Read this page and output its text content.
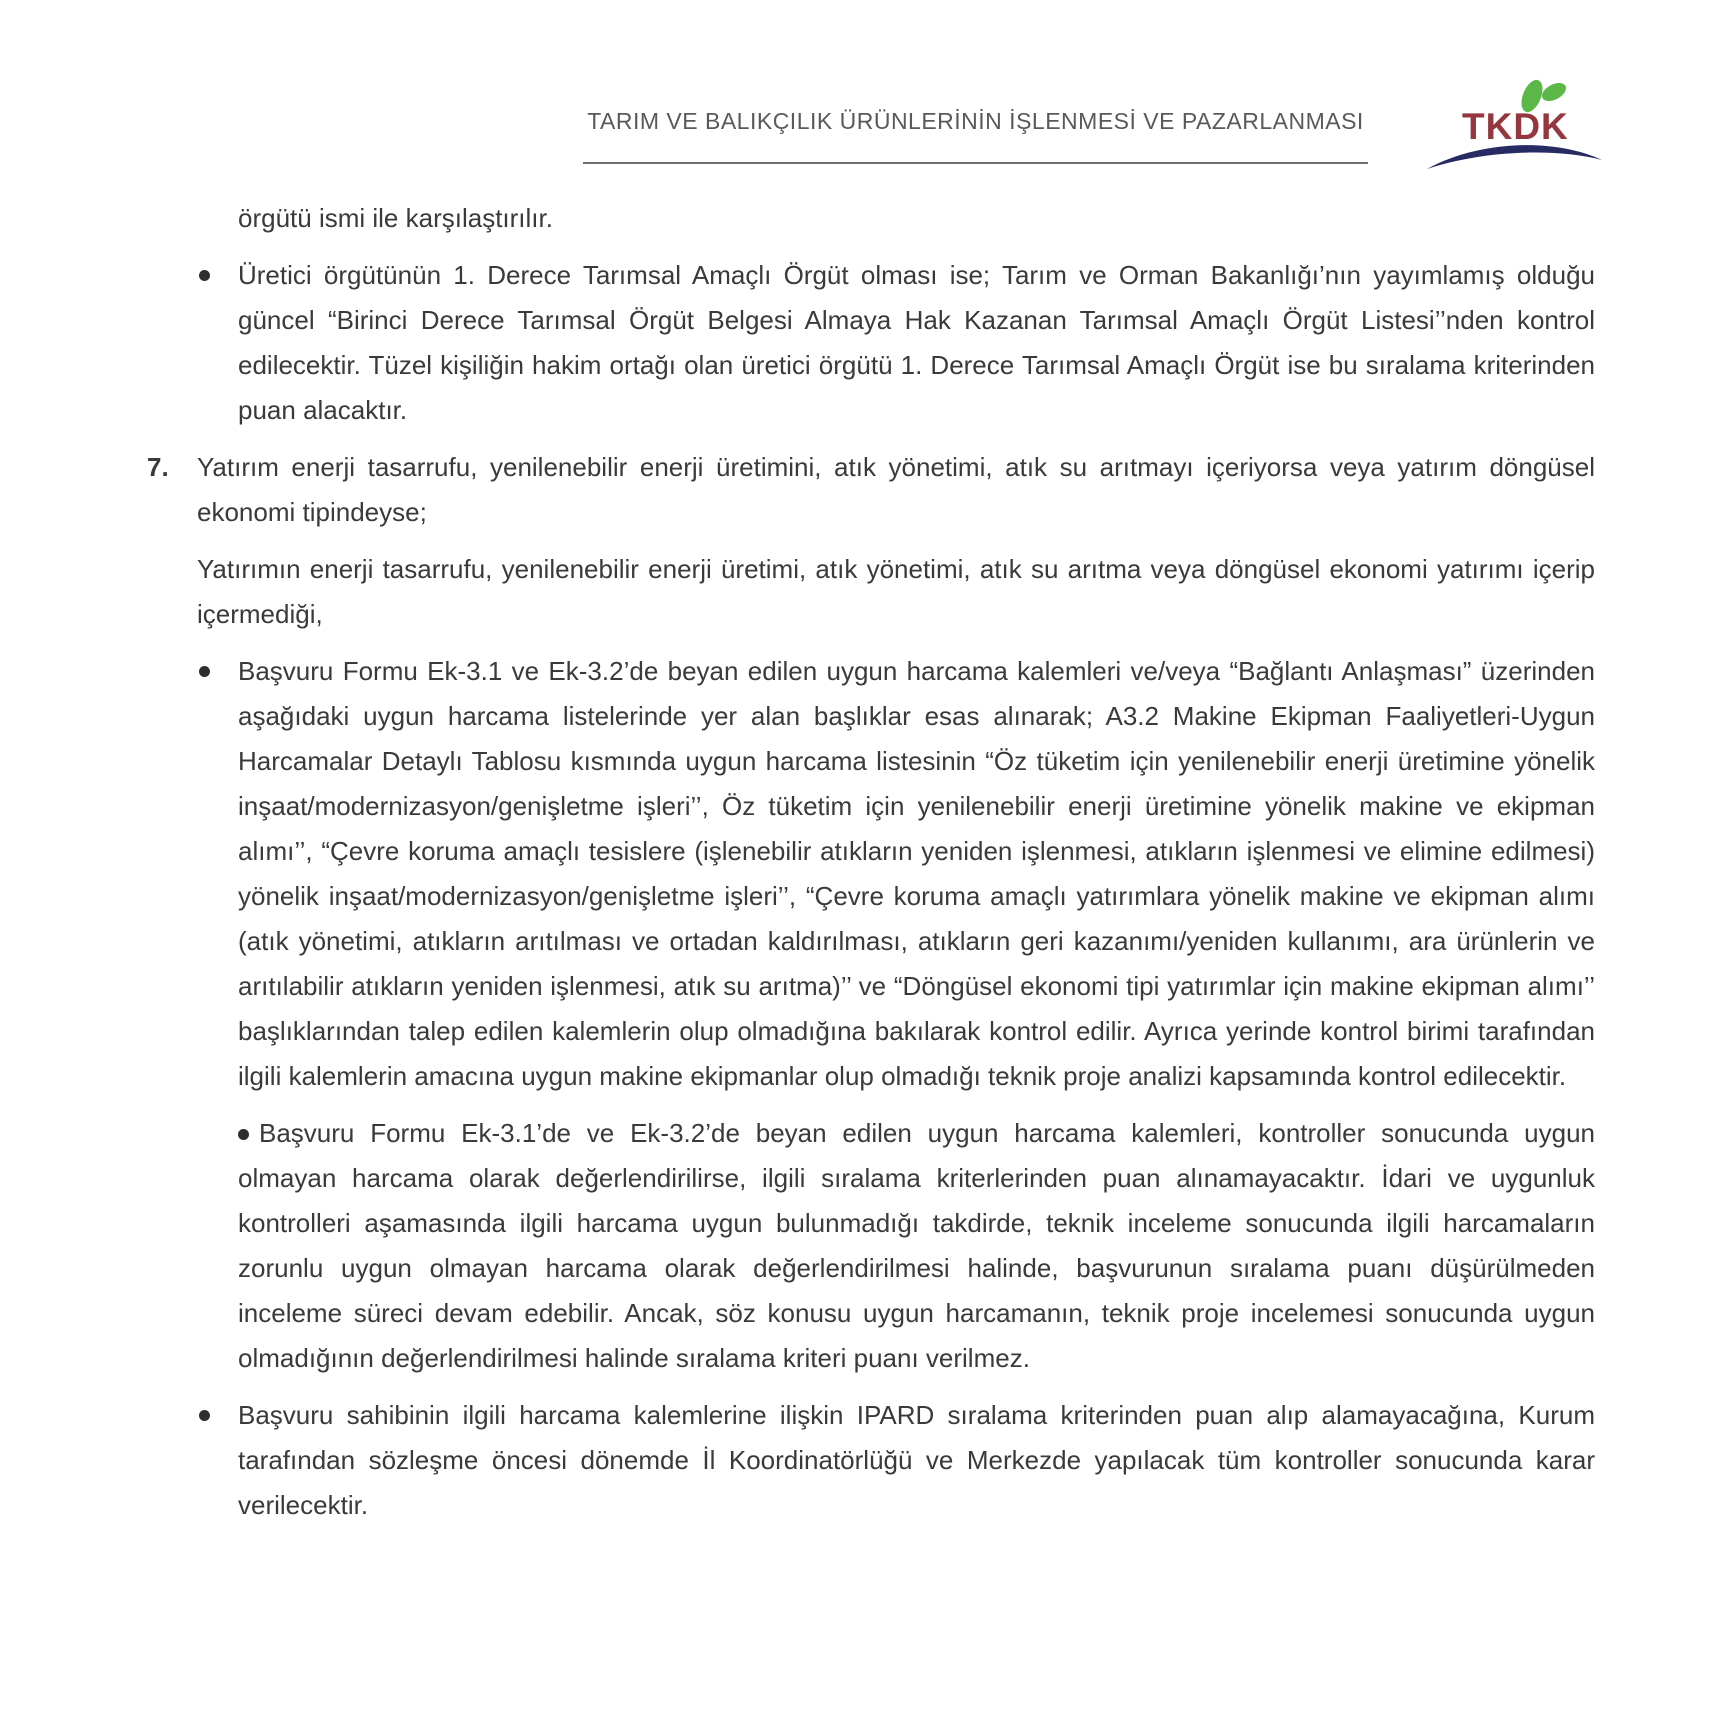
TARIM VE BALIKÇILIK ÜRÜNLERİNİN İŞLENMESİ VE PAZARLANMASI	TKDK
örgütü ismi ile karşılaştırılır.
Üretici örgütünün 1. Derece Tarımsal Amaçlı Örgüt olması ise; Tarım ve Orman Bakanlığı’nın yayımlamış olduğu güncel “Birinci Derece Tarımsal Örgüt Belgesi Almaya Hak Kazanan Tarımsal Amaçlı Örgüt Listesi’’nden kontrol edilecektir. Tüzel kişiliğin hakim ortağı olan üretici örgütü 1. Derece Tarımsal Amaçlı Örgüt ise bu sıralama kriterinden puan alacaktır.
7. Yatırım enerji tasarrufu, yenilenebilir enerji üretimini, atık yönetimi, atık su arıtmayı içeriyorsa veya yatırım döngüsel ekonomi tipindeyse;
Yatırımın enerji tasarrufu, yenilenebilir enerji üretimi, atık yönetimi, atık su arıtma veya döngüsel ekonomi yatırımı içerip içermediği,
Başvuru Formu Ek-3.1 ve Ek-3.2’de beyan edilen uygun harcama kalemleri ve/veya “Bağlantı Anlaşması” üzerinden aşağıdaki uygun harcama listelerinde yer alan başlıklar esas alınarak; A3.2 Makine Ekipman Faaliyetleri-Uygun Harcamalar Detaylı Tablosu kısmında uygun harcama listesinin “Öz tüketim için yenilenebilir enerji üretimine yönelik inşaat/modernizasyon/genişletme işleri’’, Öz tüketim için yenilenebilir enerji üretimine yönelik makine ve ekipman alımı’’, “Çevre koruma amaçlı tesislere (işlenebilir atıkların yeniden işlenmesi, atıkların işlenmesi ve elimine edilmesi) yönelik inşaat/modernizasyon/genişletme işleri’’, “Çevre koruma amaçlı yatırımlara yönelik makine ve ekipman alımı (atık yönetimi, atıkların arıtılması ve ortadan kaldırılması, atıkların geri kazanımı/yeniden kullanımı, ara ürünlerin ve arıtılabilir atıkların yeniden işlenmesi, atık su arıtma)’’ ve “Döngüsel ekonomi tipi yatırımlar için makine ekipman alımı’’ başlıklarından talep edilen kalemlerin olup olmadığına bakılarak kontrol edilir. Ayrıca yerinde kontrol birimi tarafından ilgili kalemlerin amacına uygun makine ekipmanlar olup olmadığı teknik proje analizi kapsamında kontrol edilecektir.
Başvuru Formu Ek-3.1’de ve Ek-3.2’de beyan edilen uygun harcama kalemleri, kontroller sonucunda uygun olmayan harcama olarak değerlendirilirse, ilgili sıralama kriterlerinden puan alınamayacaktır. İdari ve uygunluk kontrolleri aşamasında ilgili harcama uygun bulunmadığı takdirde, teknik inceleme sonucunda ilgili harcamaların zorunlu uygun olmayan harcama olarak değerlendirilmesi halinde, başvurunun sıralama puanı düşürülmeden inceleme süreci devam edebilir. Ancak, söz konusu uygun harcamanın, teknik proje incelemesi sonucunda uygun olmadığının değerlendirilmesi halinde sıralama kriteri puanı verilmez.
Başvuru sahibinin ilgili harcama kalemlerine ilişkin IPARD sıralama kriterinden puan alıp alamayacağına, Kurum tarafından sözleşme öncesi dönemde İl Koordinatörlüğü ve Merkezde yapılacak tüm kontroller sonucunda karar verilecektir.
